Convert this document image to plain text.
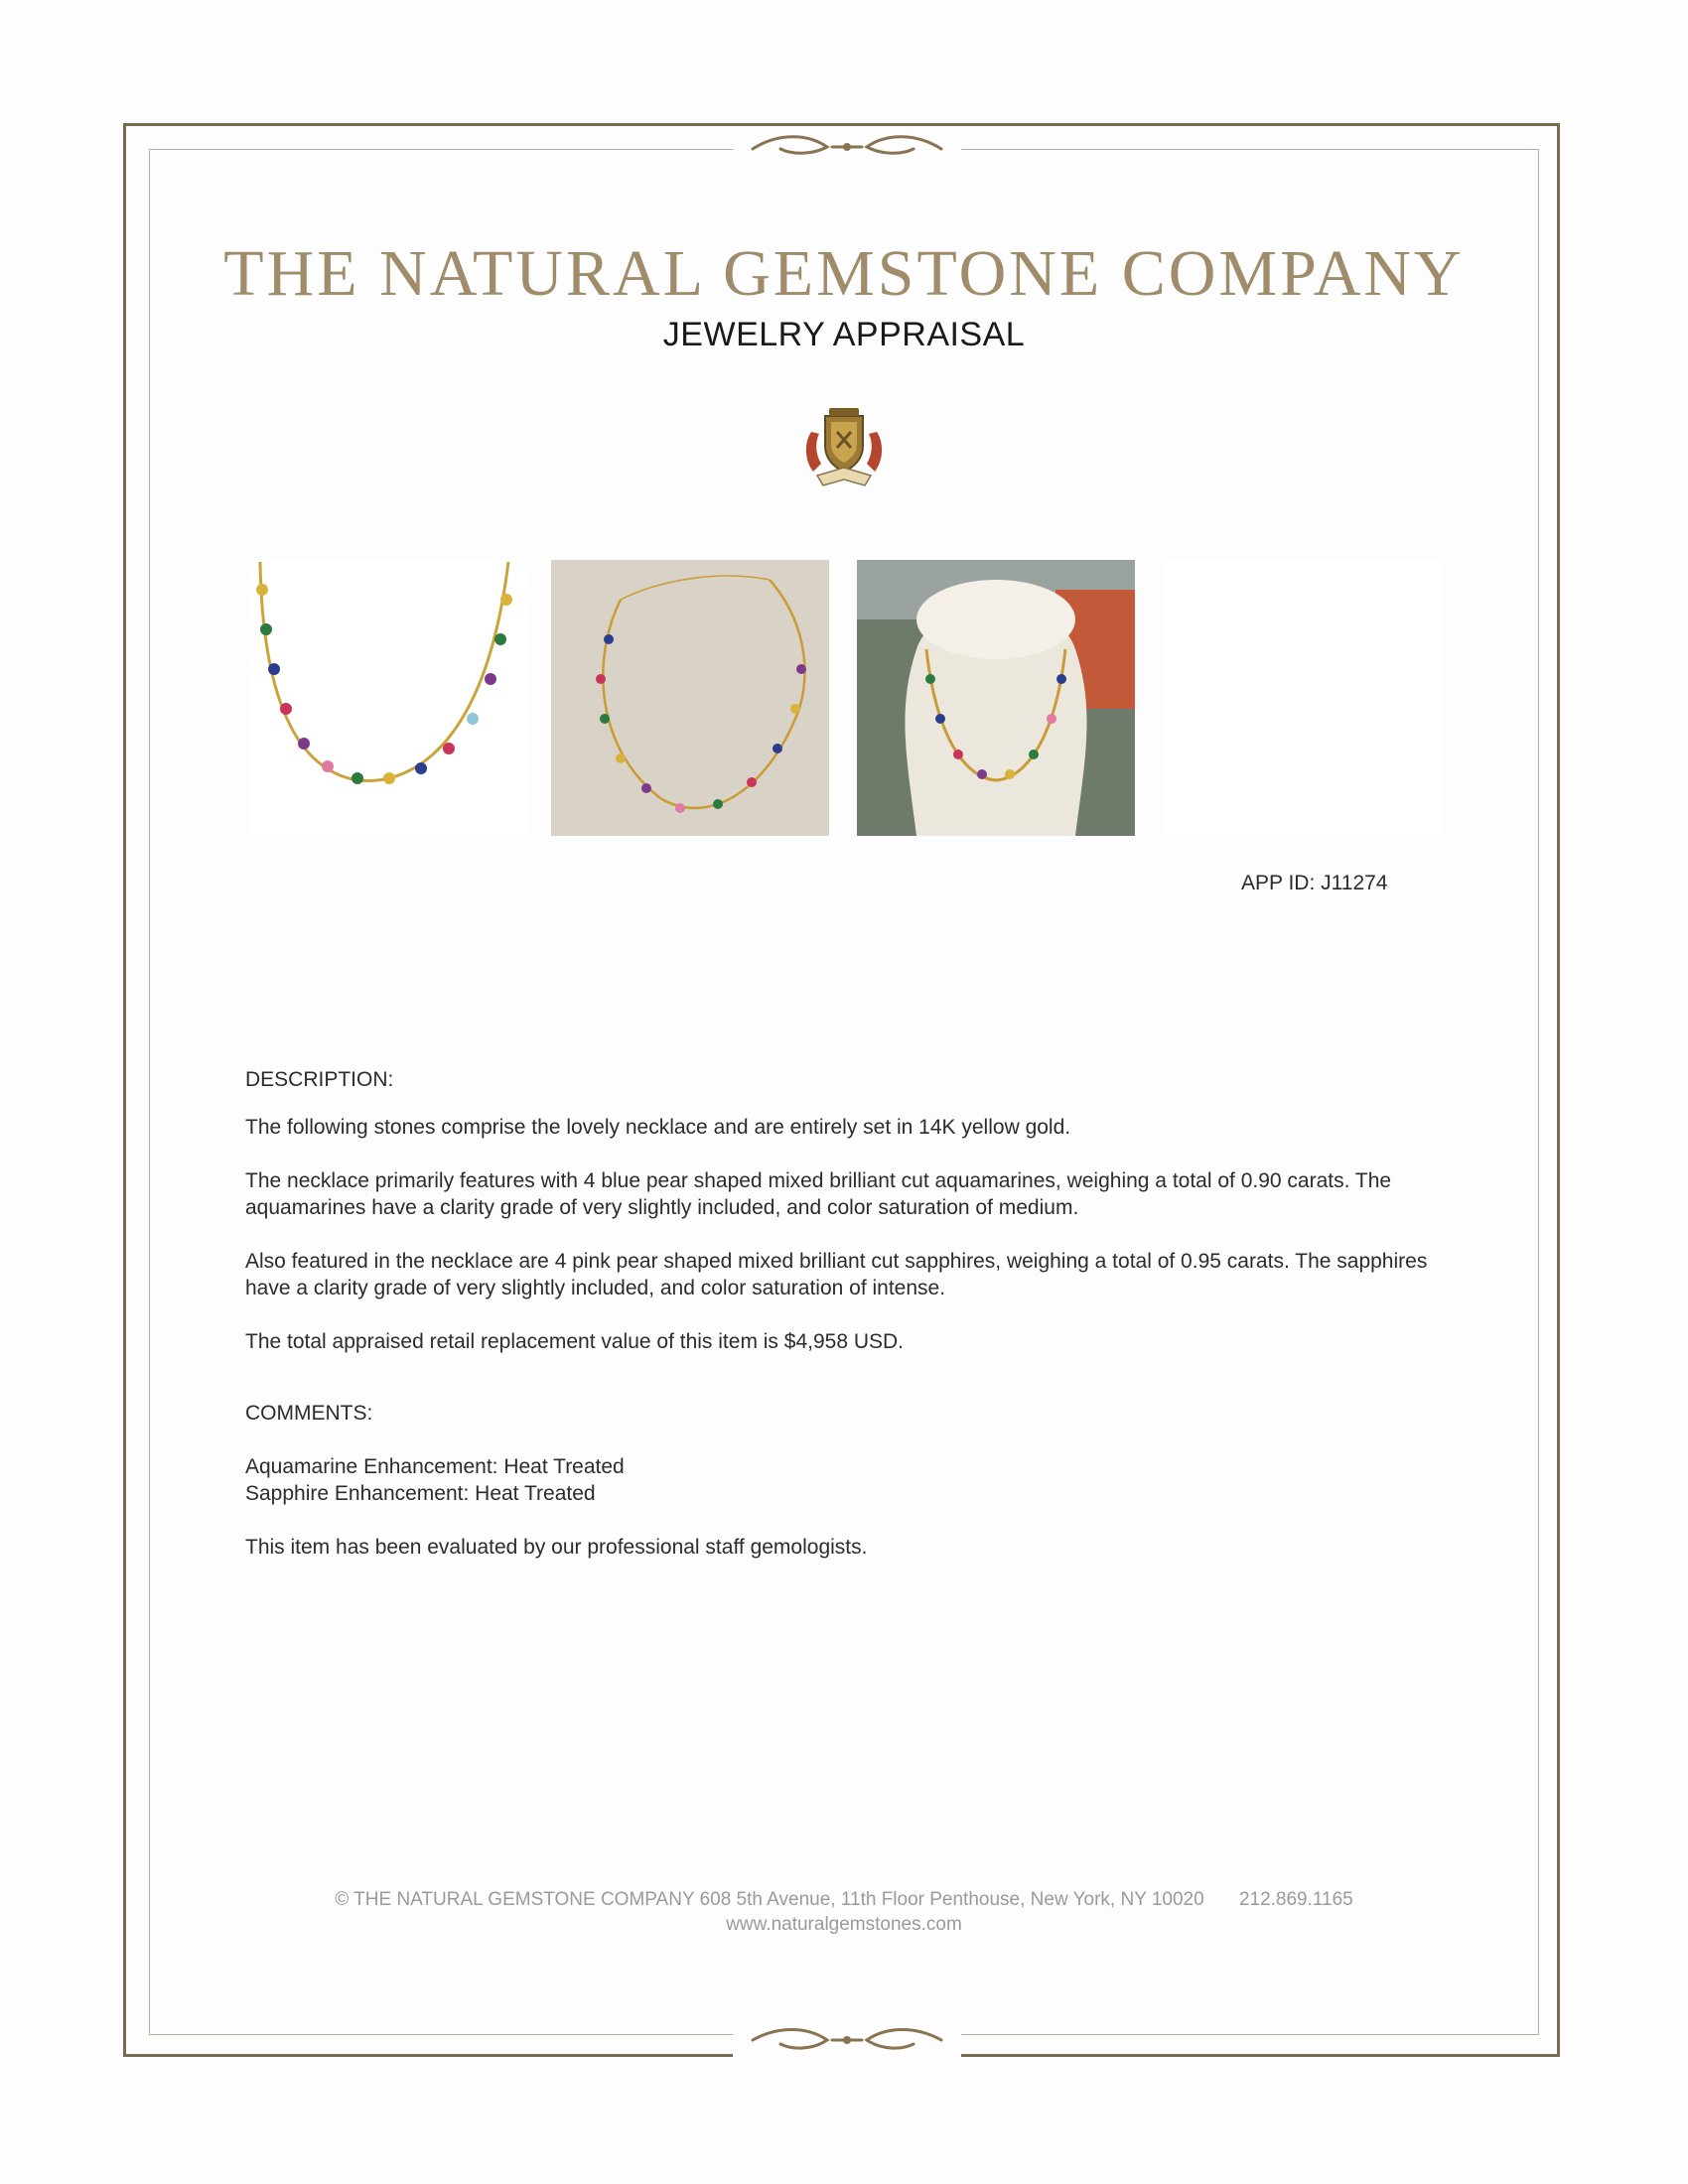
THE NATURAL GEMSTONE COMPANY
JEWELRY APPRAISAL
APP ID: J11274

DESCRIPTION:

The following stones comprise the lovely necklace and are entirely set in 14K yellow gold.

The necklace primarily features with 4 blue pear shaped mixed brilliant cut aquamarines, weighing a total of 0.90 carats. The aquamarines have a clarity grade of very slightly included, and color saturation of medium.

Also featured in the necklace are 4 pink pear shaped mixed brilliant cut sapphires, weighing a total of 0.95 carats. The sapphires have a clarity grade of very slightly included, and color saturation of intense.

The total appraised retail replacement value of this item is $4,958 USD.

COMMENTS:

Aquamarine Enhancement: Heat Treated

Sapphire Enhancement: Heat Treated

This item has been evaluated by our professional staff gemologists.

© THE NATURAL GEMSTONE COMPANY 608 5th Avenue, 11th Floor Penthouse, New York, NY 10020 212.869.1165
www.naturalgemstones.com
